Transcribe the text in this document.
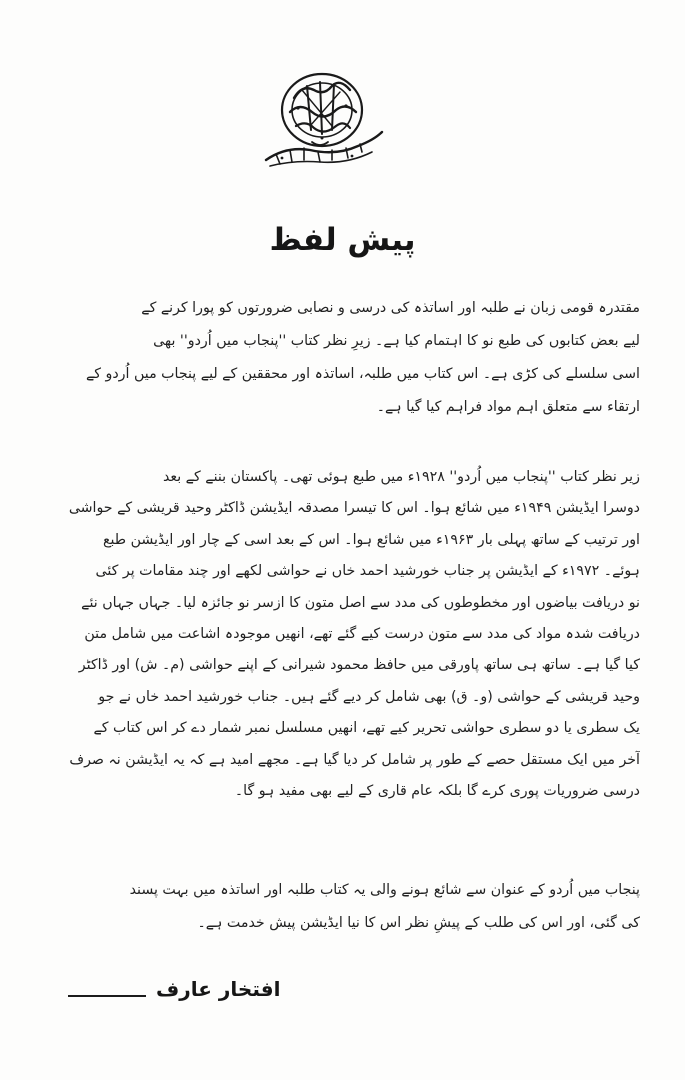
پیش لفظ
مقتدرہ قومی زبان نے طلبہ اور اساتذہ کی درسی و نصابی ضرورتوں کو پورا کرنے کے
لیے بعض کتابوں کی طبع نو کا اہتمام کیا ہے۔ زیرِ نظر کتاب ''پنجاب میں اُردو'' بھی
اسی سلسلے کی کڑی ہے۔ اس کتاب میں طلبہ، اساتذہ اور محققین کے لیے پنجاب میں اُردو کے
ارتقاء سے متعلق اہم مواد فراہم کیا گیا ہے۔
زیر نظر کتاب ''پنجاب میں اُردو'' ۱۹۲۸ء میں طبع ہوئی تھی۔ پاکستان بننے کے بعد
دوسرا ایڈیشن ۱۹۴۹ء میں شائع ہوا۔ اس کا تیسرا مصدقہ ایڈیشن ڈاکٹر وحید قریشی کے حواشی
اور ترتیب کے ساتھ پہلی بار ۱۹۶۳ء میں شائع ہوا۔ اس کے بعد اسی کے چار اور ایڈیشن طبع
ہوئے۔ ۱۹۷۲ء کے ایڈیشن پر جناب خورشید احمد خاں نے حواشی لکھے اور چند مقامات پر کئی
نو دریافت بیاضوں اور مخطوطوں کی مدد سے اصل متون کا ازسر نو جائزہ لیا۔ جہاں جہاں نئے
دریافت شدہ مواد کی مدد سے متون درست کیے گئے تھے، انھیں موجودہ اشاعت میں شامل متن
کیا گیا ہے۔ ساتھ ہی ساتھ پاورقی میں حافظ محمود شیرانی کے اپنے حواشی (م۔ ش) اور ڈاکٹر
وحید قریشی کے حواشی (و۔ ق) بھی شامل کر دیے گئے ہیں۔ جناب خورشید احمد خاں نے جو
یک سطری یا دو سطری حواشی تحریر کیے تھے، انھیں مسلسل نمبر شمار دے کر اس کتاب کے
آخر میں ایک مستقل حصے کے طور پر شامل کر دیا گیا ہے۔ مجھے امید ہے کہ یہ ایڈیشن نہ صرف
درسی ضروریات پوری کرے گا بلکہ عام قاری کے لیے بھی مفید ہو گا۔
پنجاب میں اُردو کے عنوان سے شائع ہونے والی یہ کتاب طلبہ اور اساتذہ میں بہت پسند
کی گئی، اور اس کی طلب کے پیشِ نظر اس کا نیا ایڈیشن پیش خدمت ہے۔
افتخار عارف
